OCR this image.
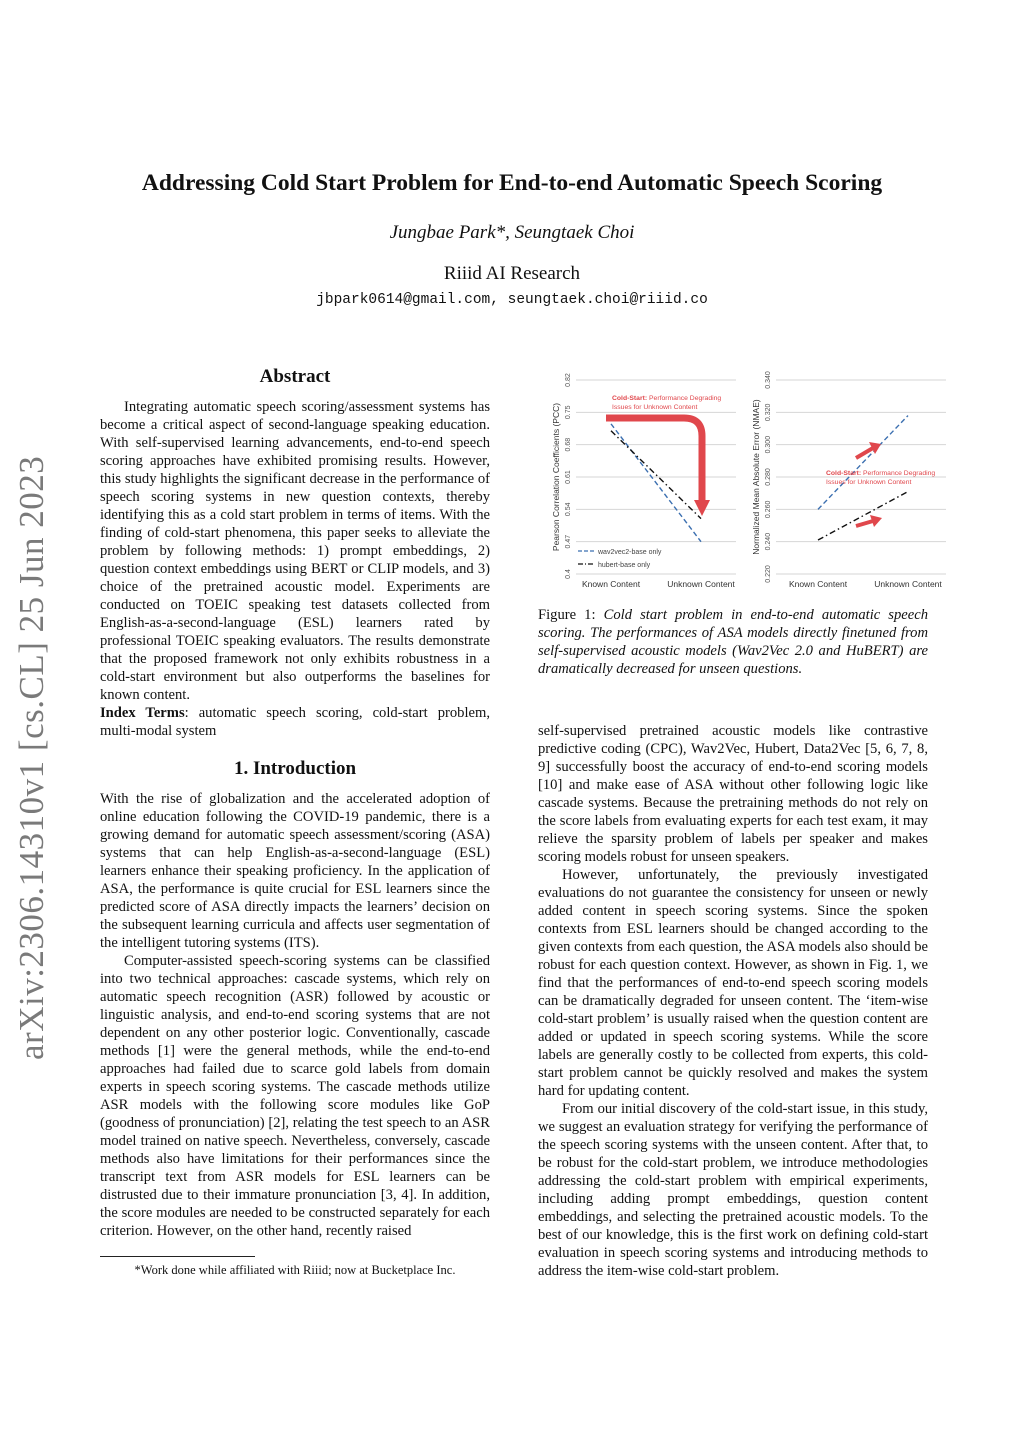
arXiv:2306.14310v1 [cs.CL] 25 Jun 2023
Addressing Cold Start Problem for End-to-end Automatic Speech Scoring
Jungbae Park*, Seungtaek Choi
Riiid AI Research
jbpark0614@gmail.com, seungtaek.choi@riiid.co
Abstract

Integrating automatic speech scoring/assessment systems has become a critical aspect of second-language speaking education. With self-supervised learning advancements, end-to-end speech scoring approaches have exhibited promising results. However, this study highlights the significant decrease in the performance of speech scoring systems in new question contexts, thereby identifying this as a cold start problem in terms of items. With the finding of cold-start phenomena, this paper seeks to alleviate the problem by following methods: 1) prompt embeddings, 2) question context embeddings using BERT or CLIP models, and 3) choice of the pretrained acoustic model. Experiments are conducted on TOEIC speaking test datasets collected from English-as-a-second-language (ESL) learners rated by professional TOEIC speaking evaluators. The results demonstrate that the proposed framework not only exhibits robustness in a cold-start environment but also outperforms the baselines for known content.

Index Terms: automatic speech scoring, cold-start problem, multi-modal system

1. Introduction

With the rise of globalization and the accelerated adoption of online education following the COVID-19 pandemic, there is a growing demand for automatic speech assessment/scoring (ASA) systems that can help English-as-a-second-language (ESL) learners enhance their speaking proficiency. In the application of ASA, the performance is quite crucial for ESL learners since the predicted score of ASA directly impacts the learners’ decision on the subsequent learning curricula and affects user segmentation of the intelligent tutoring systems (ITS).

Computer-assisted speech-scoring systems can be classified into two technical approaches: cascade systems, which rely on automatic speech recognition (ASR) followed by acoustic or linguistic analysis, and end-to-end scoring systems that are not dependent on any other posterior logic. Conventionally, cascade methods [1] were the general methods, while the end-to-end approaches had failed due to scarce gold labels from domain experts in speech scoring systems. The cascade methods utilize ASR models with the following score modules like GoP (goodness of pronunciation) [2], relating the test speech to an ASR model trained on native speech. Nevertheless, conversely, cascade methods also have limitations for their performances since the transcript text from ASR models for ESL learners can be distrusted due to their immature pronunciation [3, 4]. In addition, the score modules are needed to be constructed separately for each criterion. However, on the other hand, recently raised

*Work done while affiliated with Riiid; now at Bucketplace Inc.
0.4
0.47
0.54
0.61
0.68
0.75
0.82
Pearson Correlation Coefficients (PCC)
Known Content	Unknown Content
Cold-Start: Performance Degrading
Issues for Unknown Content
wav2vec2-base only
hubert-base only	0.220
0.240
0.260
0.280
0.300
0.320
0.340
Normalized Mean Absolute Error (NMAE)
Known Content	Unknown Content
Cold-Start: Performance Degrading
Issues for Unknown Content
Figure 1: Cold start problem in end-to-end automatic speech scoring. The performances of ASA models directly finetuned from self-supervised acoustic models (Wav2Vec 2.0 and HuBERT) are dramatically decreased for unseen questions.

self-supervised pretrained acoustic models like contrastive predictive coding (CPC), Wav2Vec, Hubert, Data2Vec [5, 6, 7, 8, 9] successfully boost the accuracy of end-to-end scoring models [10] and make ease of ASA without other following logic like cascade systems. Because the pretraining methods do not rely on the score labels from evaluating experts for each test exam, it may relieve the sparsity problem of labels per speaker and makes scoring models robust for unseen speakers.

However, unfortunately, the previously investigated evaluations do not guarantee the consistency for unseen or newly added content in speech scoring systems. Since the spoken contexts from ESL learners should be changed according to the given contexts from each question, the ASA models also should be robust for each question context. However, as shown in Fig. 1, we find that the performances of end-to-end speech scoring models can be dramatically degraded for unseen content. The ‘item-wise cold-start problem’ is usually raised when the question content are added or updated in speech scoring systems. While the score labels are generally costly to be collected from experts, this cold-start problem cannot be quickly resolved and makes the system hard for updating content.

From our initial discovery of the cold-start issue, in this study, we suggest an evaluation strategy for verifying the performance of the speech scoring systems with the unseen content. After that, to be robust for the cold-start problem, we introduce methodologies addressing the cold-start problem with empirical experiments, including adding prompt embeddings, question content embeddings, and selecting the pretrained acoustic models. To the best of our knowledge, this is the first work on defining cold-start evaluation in speech scoring systems and introducing methods to address the item-wise cold-start problem.
